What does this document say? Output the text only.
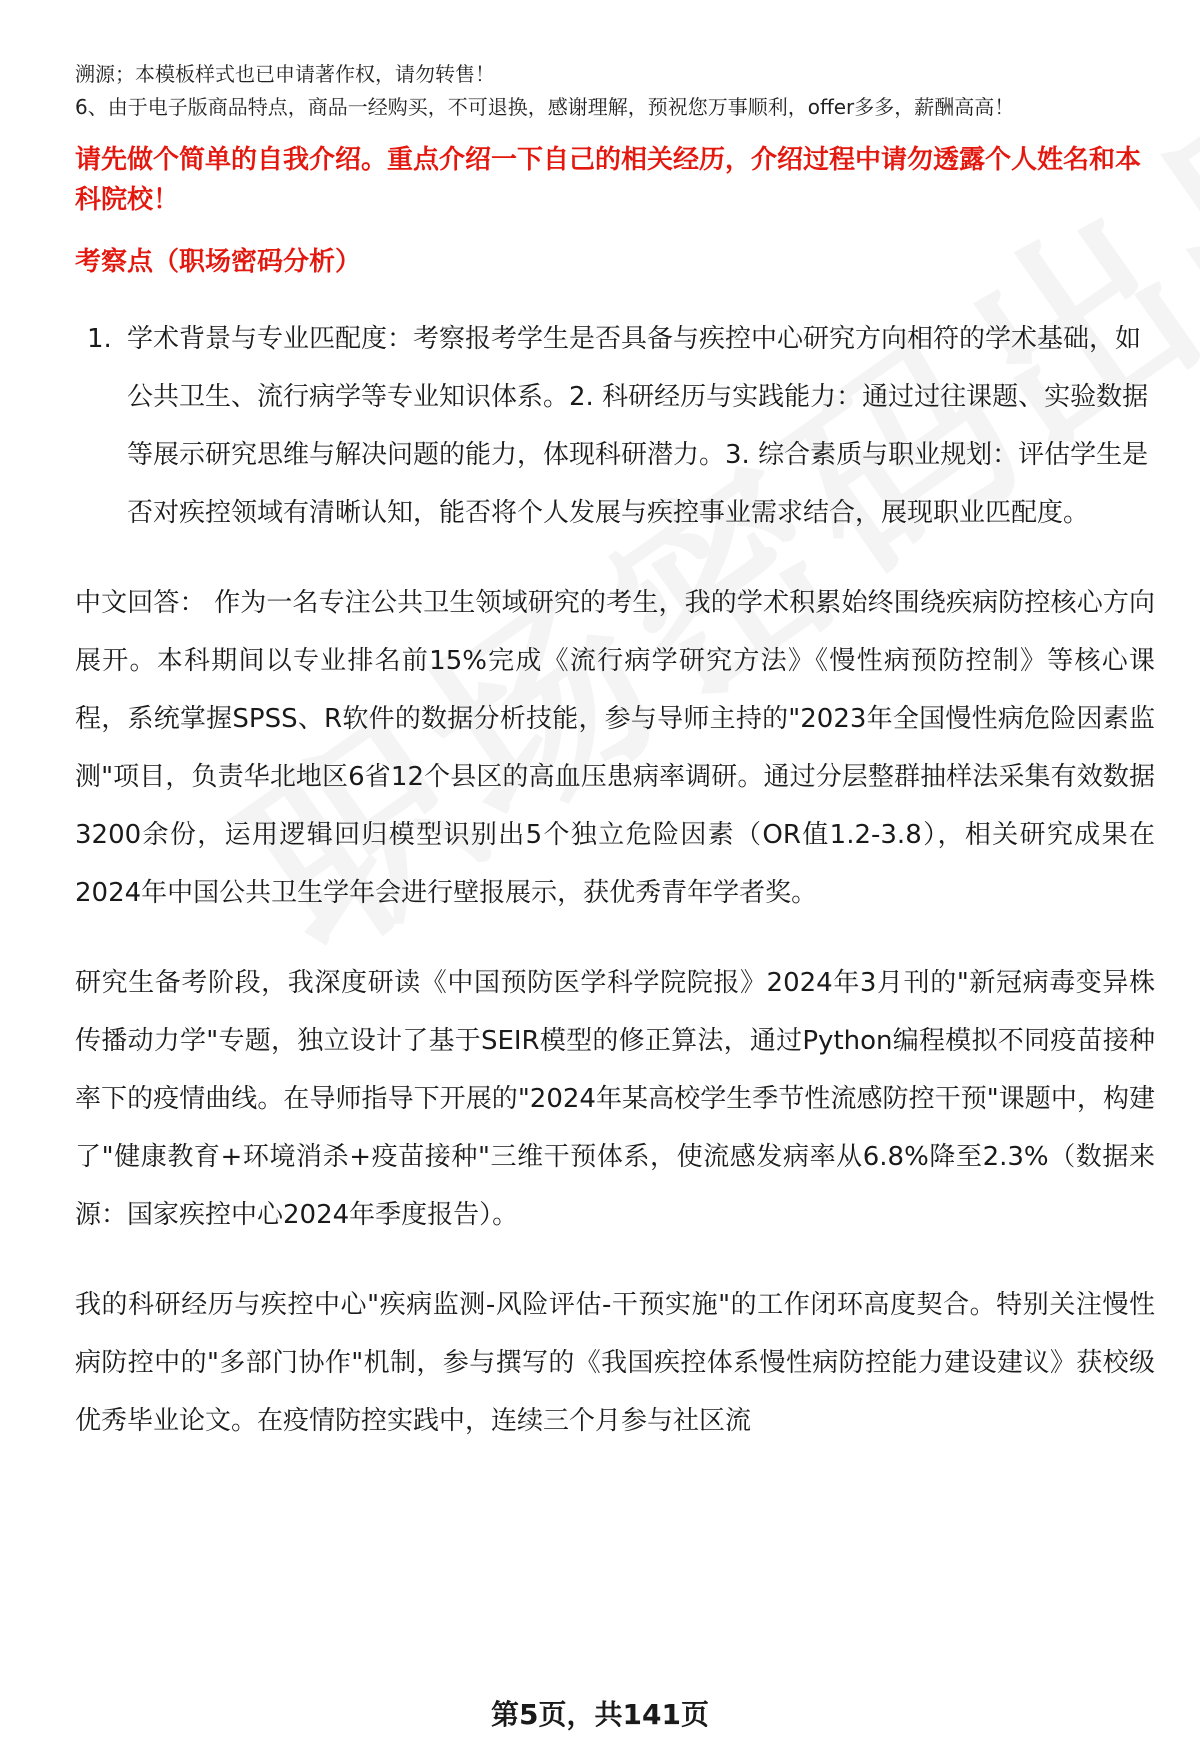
溯源；本模板样式也已申请著作权，请勿转售！

6、由于电子版商品特点，商品一经购买，不可退换，感谢理解，预祝您万事顺利，offer多多，薪酬高高！

请先做个简单的自我介绍。重点介绍一下自己的相关经历，介绍过程中请勿透露个人姓名和本科院校！

考察点（职场密码分析）

1. 学术背景与专业匹配度：考察报考学生是否具备与疾控中心研究方向相符的学术基础，如公共卫生、流行病学等专业知识体系。2. 科研经历与实践能力：通过过往课题、实验数据等展示研究思维与解决问题的能力，体现科研潜力。3. 综合素质与职业规划：评估学生是否对疾控领域有清晰认知，能否将个人发展与疾控事业需求结合，展现职业匹配度。

中文回答： 作为一名专注公共卫生领域研究的考生，我的学术积累始终围绕疾病防控核心方向展开。本科期间以专业排名前15%完成《流行病学研究方法》《慢性病预防控制》等核心课程，系统掌握SPSS、R软件的数据分析技能，参与导师主持的"2023年全国慢性病危险因素监测"项目，负责华北地区6省12个县区的高血压患病率调研。通过分层整群抽样法采集有效数据3200余份，运用逻辑回归模型识别出5个独立危险因素（OR值1.2-3.8），相关研究成果在2024年中国公共卫生学年会进行壁报展示，获优秀青年学者奖。

研究生备考阶段，我深度研读《中国预防医学科学院院报》2024年3月刊的"新冠病毒变异株传播动力学"专题，独立设计了基于SEIR模型的修正算法，通过Python编程模拟不同疫苗接种率下的疫情曲线。在导师指导下开展的"2024年某高校学生季节性流感防控干预"课题中，构建了"健康教育+环境消杀+疫苗接种"三维干预体系，使流感发病率从6.8%降至2.3%（数据来源：国家疾控中心2024年季度报告）。

我的科研经历与疾控中心"疾病监测-风险评估-干预实施"的工作闭环高度契合。特别关注慢性病防控中的"多部门协作"机制，参与撰写的《我国疾控体系慢性病防控能力建设建议》获校级优秀毕业论文。在疫情防控实践中，连续三个月参与社区流

第5页，共141页
